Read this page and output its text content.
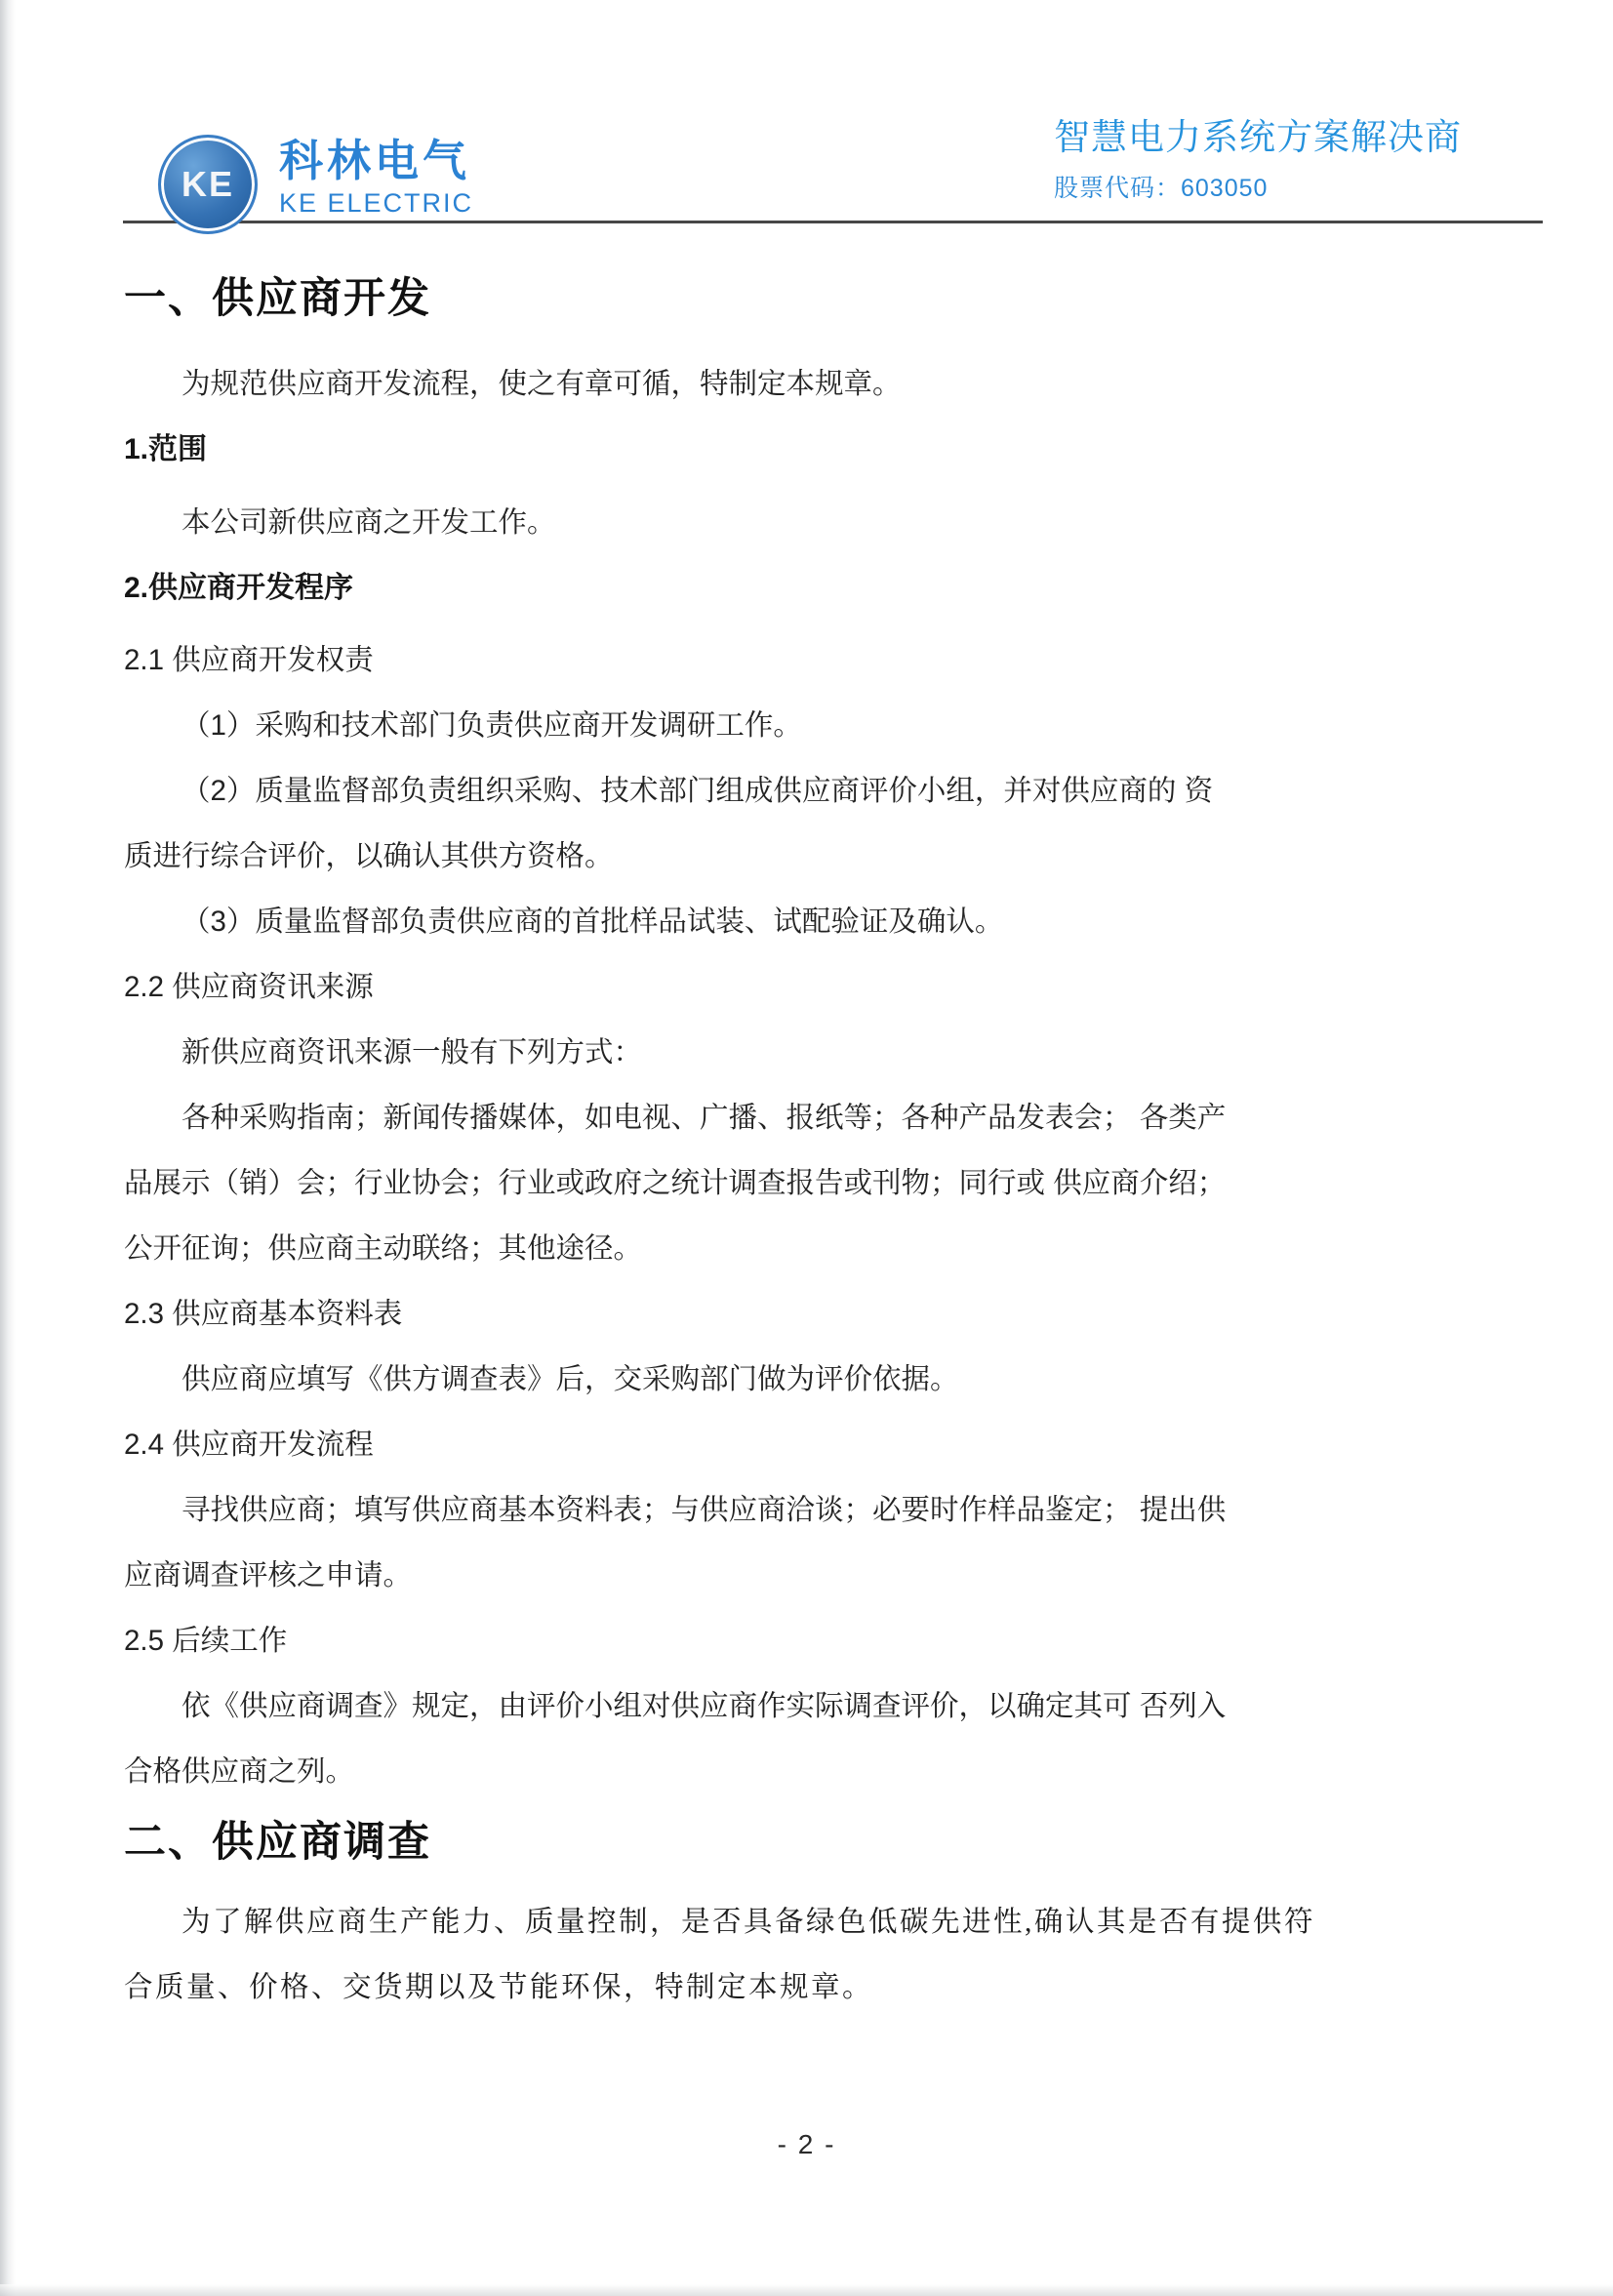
KE 科林电气
KE ELECTRIC
智慧电力系统方案解决商
股票代码：603050
一、供应商开发
为规范供应商开发流程，使之有章可循，特制定本规章。
1.范围
本公司新供应商之开发工作。
2.供应商开发程序
2.1 供应商开发权责
（1）采购和技术部门负责供应商开发调研工作。
（2）质量监督部负责组织采购、技术部门组成供应商评价小组，并对供应商的 资
质进行综合评价，以确认其供方资格。
（3）质量监督部负责供应商的首批样品试装、试配验证及确认。
2.2 供应商资讯来源
新供应商资讯来源一般有下列方式：
各种采购指南；新闻传播媒体，如电视、广播、报纸等；各种产品发表会； 各类产
品展示（销）会；行业协会；行业或政府之统计调查报告或刊物；同行或 供应商介绍；
公开征询；供应商主动联络；其他途径。
2.3 供应商基本资料表
供应商应填写《供方调查表》后，交采购部门做为评价依据。
2.4 供应商开发流程
寻找供应商；填写供应商基本资料表；与供应商洽谈；必要时作样品鉴定； 提出供
应商调查评核之申请。
2.5 后续工作
依《供应商调查》规定，由评价小组对供应商作实际调查评价，以确定其可 否列入
合格供应商之列。
二、供应商调查
为了解供应商生产能力、质量控制，是否具备绿色低碳先进性,确认其是否有提供符
合质量、价格、交货期以及节能环保，特制定本规章。
- 2 -
